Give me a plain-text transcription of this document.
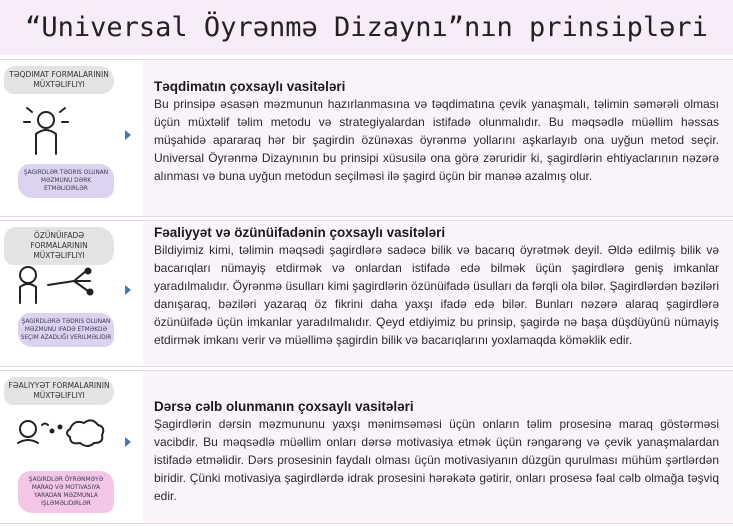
“Universal Öyrənmə Dizaynı”nın prinsipləri
TƏQDIMAT FORMALARININ MÜXTƏLIFLIYI
ŞAGIRDLƏR TƏDRIS OLUNAN MƏZMUNU DƏRK ETMƏLIDIRLƏR
Təqdimatın çoxsaylı vasitələri

Bu prinsipə əsasən məzmunun hazırlanmasına və təqdimatına çevik yanaşmalı, təlimin səmərəli olması üçün müxtəlif təlim metodu və strategiyalardan istifadə olunmalıdır. Bu məqsədlə müəllim həssas müşahidə apararaq hər bir şagirdin özünəxas öyrənmə yollarını aşkarlayıb ona uyğun metod seçir. Universal Öyrənmə Dizaynının bu prinsipi xüsusilə ona görə zəruridir ki, şagirdlərin ehtiyaclarının nəzərə alınması və buna uyğun metodun seçilməsi ilə şagird üçün bir manəə azalmış olur.

ÖZÜNÜIFADƏ FORMALARININ MÜXTƏLIFLIYI
ŞAGIRDLƏRƏ TƏDRIS OLUNAN MƏZMUNU IFADƏ ETMƏKDƏ SEÇIM AZADLIĞI VERILMƏLIDIR
Fəaliyyət və özünüifadənin çoxsaylı vasitələri

Bildiyimiz kimi, təlimin məqsədi şagirdlərə sadəcə bilik və bacarıq öyrətmək deyil. Əldə edilmiş bilik və bacarıqları nümayiş etdirmək və onlardan istifadə edə bilmək üçün şagirdlərə geniş imkanlar yaradılmalıdır. Öyrənmə üsulları kimi şagirdlərin özünüifadə üsulları da fərqli ola bilər. Şagirdlərdən bəziləri danışaraq, bəziləri yazaraq öz fikrini daha yaxşı ifadə edə bilər. Bunları nəzərə alaraq şagirdlərə özünüifadə üçün imkanlar yaradılmalıdır. Qeyd etdiyimiz bu prinsip, şagirdə nə başa düşdüyünü nümayiş etdirmək imkanı verir və müəllimə şagirdin bilik və bacarıqlarını yoxlamaqda köməklik edir.

FƏALIYYƏT FORMALARININ MÜXTƏLIFLIYI
ŞAGIRDLƏR ÖYRƏNMƏYƏ MARAQ VƏ MOTIVASIYA YARADAN MƏZMUNLA IŞLƏMƏLIDIRLƏR
Dərsə cəlb olunmanın çoxsaylı vasitələri

Şagirdlərin dərsin məzmununu yaxşı mənimsəməsi üçün onların təlim prosesinə maraq göstərməsi vacibdir. Bu məqsədlə müəllim onları dərsə motivasiya etmək üçün rəngarəng və çevik yanaşmalardan istifadə etməlidir. Dərs prosesinin faydalı olması üçün motivasiyanın düzgün qurulması mühüm şərtlərdən biridir. Çünki motivasiya şagirdlərdə idrak prosesini hərəkətə gətirir, onları prosesə fəal cəlb olmağa təşviq edir.
